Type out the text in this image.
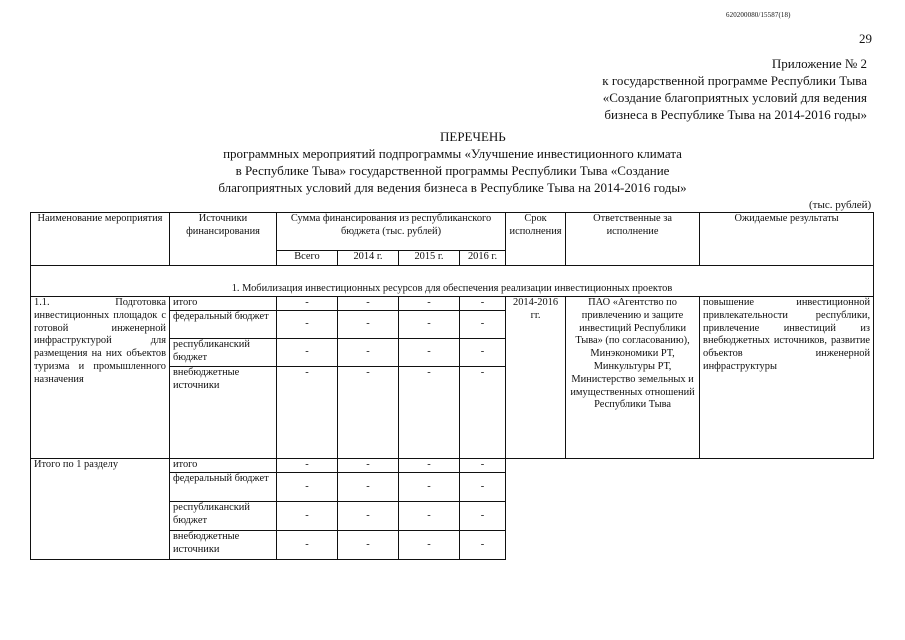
620200080/15587(18)
29
Приложение № 2
к государственной программе Республики Тыва
«Создание благоприятных условий для ведения
бизнеса в Республике Тыва на 2014-2016 годы»
ПЕРЕЧЕНЬ
программных мероприятий подпрограммы «Улучшение инвестиционного климата
в Республике Тыва» государственной программы Республики Тыва «Создание
благоприятных условий для ведения бизнеса в Республике Тыва на 2014-2016 годы»
(тыс. рублей)
Наименование мероприятия	Источники финансирования	Сумма финансирования из республиканского бюджета (тыс. рублей)				Срок исполнения	Ответственные за исполнение	Ожидаемые результаты
		Всего	2014 г.	2015 г.	2016 г.			
1. Мобилизация инвестиционных ресурсов для обеспечения реализации инвестиционных проектов								
1.1. Подготовка инвестиционных площадок с готовой инженерной инфраструктурой для размещения на них объектов туризма и промышленного назначения	итого	-	-	-	-	2014-2016 гг.	ПАО «Агентство по привлечению и защите инвестиций Республики Тыва» (по согласованию), Минэкономики РТ, Минкультуры РТ, Министерство земельных и имущественных отношений Республики Тыва	повышение инвестиционной привлекательности республики, привлечение инвестиций из внебюджетных источников, развитие объектов инженерной инфраструктуры
	федеральный бюджет	-	-	-	-			
	республиканский бюджет	-	-	-	-			
	внебюджетные источники	-	-	-	-			
Итого по 1 разделу	итого	-	-	-	-			
	федеральный бюджет	-	-	-	-			
	республиканский бюджет	-	-	-	-			
	внебюджетные источники	-	-	-	-			
